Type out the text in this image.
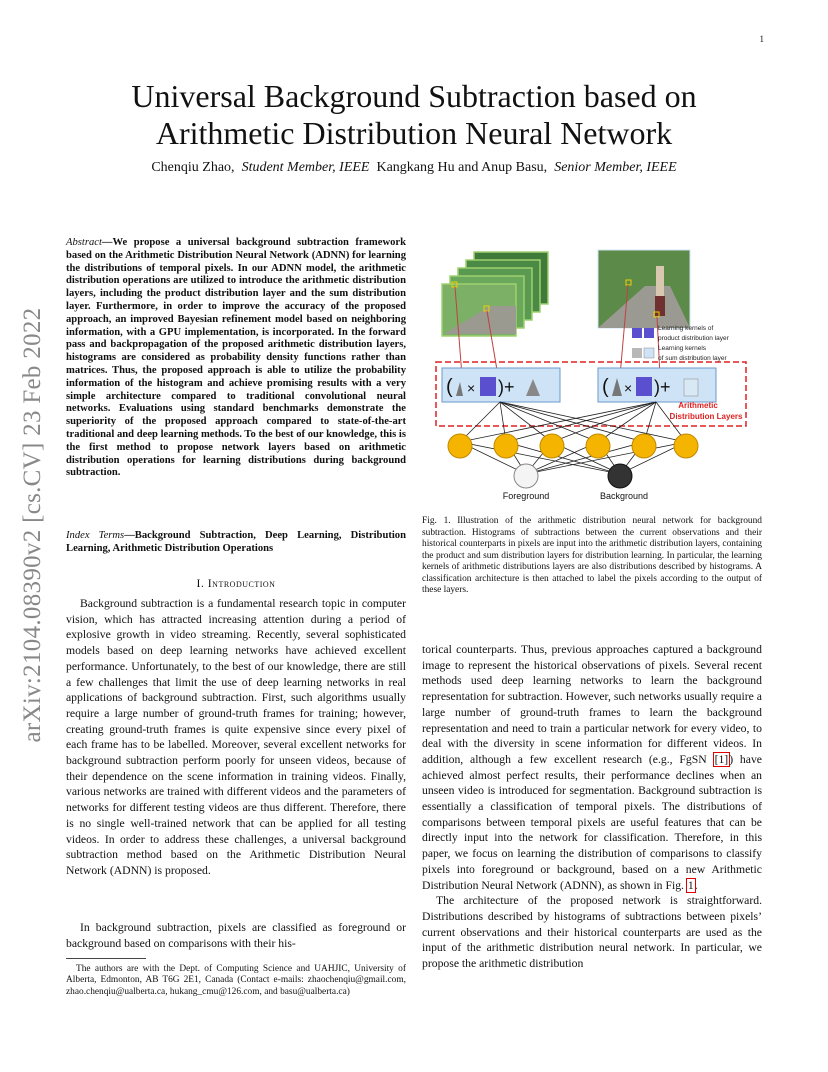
1
arXiv:2104.08390v2 [cs.CV] 23 Feb 2022
Universal Background Subtraction based on Arithmetic Distribution Neural Network
Chenqiu Zhao, Student Member, IEEE Kangkang Hu and Anup Basu, Senior Member, IEEE
Abstract—We propose a universal background subtraction framework based on the Arithmetic Distribution Neural Network (ADNN) for learning the distributions of temporal pixels. In our ADNN model, the arithmetic distribution operations are utilized to introduce the arithmetic distribution layers, including the product distribution layer and the sum distribution layer. Furthermore, in order to improve the accuracy of the proposed approach, an improved Bayesian refinement model based on neighboring information, with a GPU implementation, is incorporated. In the forward pass and backpropagation of the proposed arithmetic distribution layers, histograms are considered as probability density functions rather than matrices. Thus, the proposed approach is able to utilize the probability information of the histogram and achieve promising results with a very simple architecture compared to traditional convolutional neural networks. Evaluations using standard benchmarks demonstrate the superiority of the proposed approach compared to state-of-the-art traditional and deep learning methods. To the best of our knowledge, this is the first method to propose network layers based on arithmetic distribution operations for learning distributions during background subtraction.
Index Terms—Background Subtraction, Deep Learning, Distribution Learning, Arithmetic Distribution Operations
I. Introduction

Background subtraction is a fundamental research topic in computer vision, which has attracted increasing attention during a period of explosive growth in video streaming. Recently, several sophisticated models based on deep learning networks have achieved excellent performance. Unfortunately, to the best of our knowledge, there are still a few challenges that limit the use of deep learning networks in real applications of background subtraction. First, such algorithms usually require a large number of ground-truth frames for training; however, creating ground-truth frames is quite expensive since every pixel of each frame has to be labelled. Moreover, several excellent networks for background subtraction perform poorly for unseen videos, because of their dependence on the scene information in training videos. Finally, various networks are trained with different videos and the parameters of networks for different testing videos are thus different. Therefore, there is no single well-trained network that can be applied for all testing videos. In order to address these challenges, a universal background subtraction method based on the Arithmetic Distribution Neural Network (ADNN) is proposed.

In background subtraction, pixels are classified as foreground or background based on comparisons with their his-

The authors are with the Dept. of Computing Science and UAHJIC, University of Alberta, Edmonton, AB T6G 2E1, Canada (Contact e-mails: zhaochenqiu@gmail.com, zhao.chenqiu@ualberta.ca, hukang_cmu@126.com, and basu@ualberta.ca)
Learning kernels of
product distribution layer
Learning kernels
of sum distribution layer
( × )+	( × )+
Arithmetic
Distribution Layers
Foreground	Background
Fig. 1. Illustration of the arithmetic distribution neural network for background subtraction. Histograms of subtractions between the current observations and their historical counterparts in pixels are input into the arithmetic distribution layers, containing the product and sum distribution layers for distribution learning. In particular, the learning kernels of arithmetic distributions layers are also distributions described by histograms. A classification architecture is then attached to label the pixels according to the output of these layers.

torical counterparts. Thus, previous approaches captured a background image to represent the historical observations of pixels. Several recent methods used deep learning networks to learn the background representation for subtraction. However, such networks usually require a large number of ground-truth frames to learn the background representation and need to train a particular network for every video, to deal with the diversity in scene information for different videos. In addition, although a few excellent research (e.g., FgSN [1]) have achieved almost perfect results, their performance declines when an unseen video is introduced for segmentation. Background subtraction is essentially a classification of temporal pixels. The distributions of comparisons between temporal pixels are useful features that can be directly input into the network for classification. Therefore, in this paper, we focus on learning the distribution of comparisons to classify pixels into foreground or background, based on a new Arithmetic Distribution Neural Network (ADNN), as shown in Fig. 1.

The architecture of the proposed network is straightforward. Distributions described by histograms of subtractions between pixels’ current observations and their historical counterparts are used as the input of the arithmetic distribution neural network. In particular, we propose the arithmetic distribution
